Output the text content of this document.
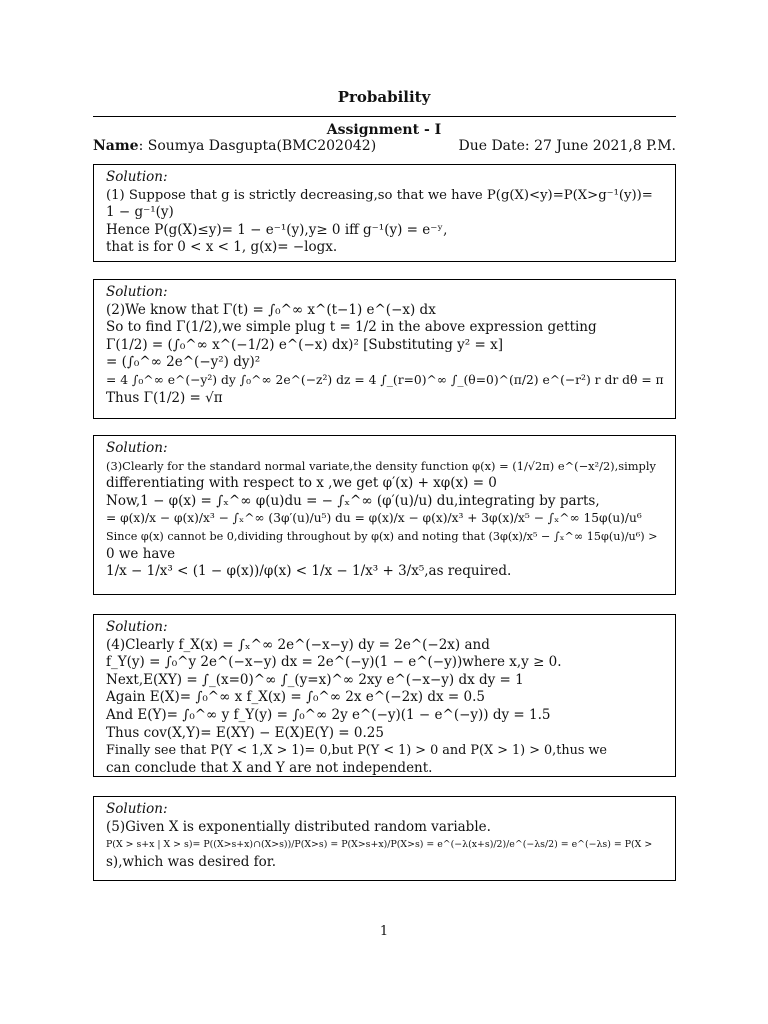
Probability
Assignment - I
Name: Soumya Dasgupta(BMC202042)	Due Date: 27 June 2021,8 P.M.
Solution:
(1) Suppose that g is strictly decreasing,so that we have P(g(X)<y)=P(X>g⁻¹(y))=
1 − g⁻¹(y)
Hence P(g(X)≤y)= 1 − e⁻¹(y),y≥ 0 iff g⁻¹(y) = e⁻ʸ,
that is for 0 < x < 1, g(x)= −logx.
Solution:
(2)We know that Γ(t) = ∫₀^∞ x^(t−1) e^(−x) dx
So to find Γ(1/2),we simple plug t = 1/2 in the above expression getting
Γ(1/2) = (∫₀^∞ x^(−1/2) e^(−x) dx)² [Substituting y² = x]
= (∫₀^∞ 2e^(−y²) dy)²
= 4 ∫₀^∞ e^(−y²) dy ∫₀^∞ 2e^(−z²) dz = 4 ∫_(r=0)^∞ ∫_(θ=0)^(π/2) e^(−r²) r dr dθ = π
Thus Γ(1/2) = √π
Solution:
(3)Clearly for the standard normal variate,the density function φ(x) = (1/√2π) e^(−x²/2),simply
differentiating with respect to x ,we get φ′(x) + xφ(x) = 0
Now,1 − φ(x) = ∫ₓ^∞ φ(u)du = − ∫ₓ^∞ (φ′(u)/u) du,integrating by parts,
= φ(x)/x − φ(x)/x³ − ∫ₓ^∞ (3φ′(u)/u⁵) du = φ(x)/x − φ(x)/x³ + 3φ(x)/x⁵ − ∫ₓ^∞ 15φ(u)/u⁶
Since φ(x) cannot be 0,dividing throughout by φ(x) and noting that (3φ(x)/x⁵ − ∫ₓ^∞ 15φ(u)/u⁶) >
0 we have
1/x − 1/x³ < (1 − φ(x))/φ(x) < 1/x − 1/x³ + 3/x⁵,as required.
Solution:
(4)Clearly f_X(x) = ∫ₓ^∞ 2e^(−x−y) dy = 2e^(−2x) and
f_Y(y) = ∫₀^y 2e^(−x−y) dx = 2e^(−y)(1 − e^(−y))where x,y ≥ 0.
Next,E(XY) = ∫_(x=0)^∞ ∫_(y=x)^∞ 2xy e^(−x−y) dx dy = 1
Again E(X)= ∫₀^∞ x f_X(x) = ∫₀^∞ 2x e^(−2x) dx = 0.5
And E(Y)= ∫₀^∞ y f_Y(y) = ∫₀^∞ 2y e^(−y)(1 − e^(−y)) dy = 1.5
Thus cov(X,Y)= E(XY) − E(X)E(Y) = 0.25
Finally see that P(Y < 1,X > 1)= 0,but P(Y < 1) > 0 and P(X > 1) > 0,thus we
can conclude that X and Y are not independent.
Solution:
(5)Given X is exponentially distributed random variable.
P(X > s+x | X > s)= P((X>s+x)∩(X>s))/P(X>s) = P(X>s+x)/P(X>s) = e^(−λ(x+s)/2)/e^(−λs/2) = e^(−λs) = P(X >
s),which was desired for.
1
